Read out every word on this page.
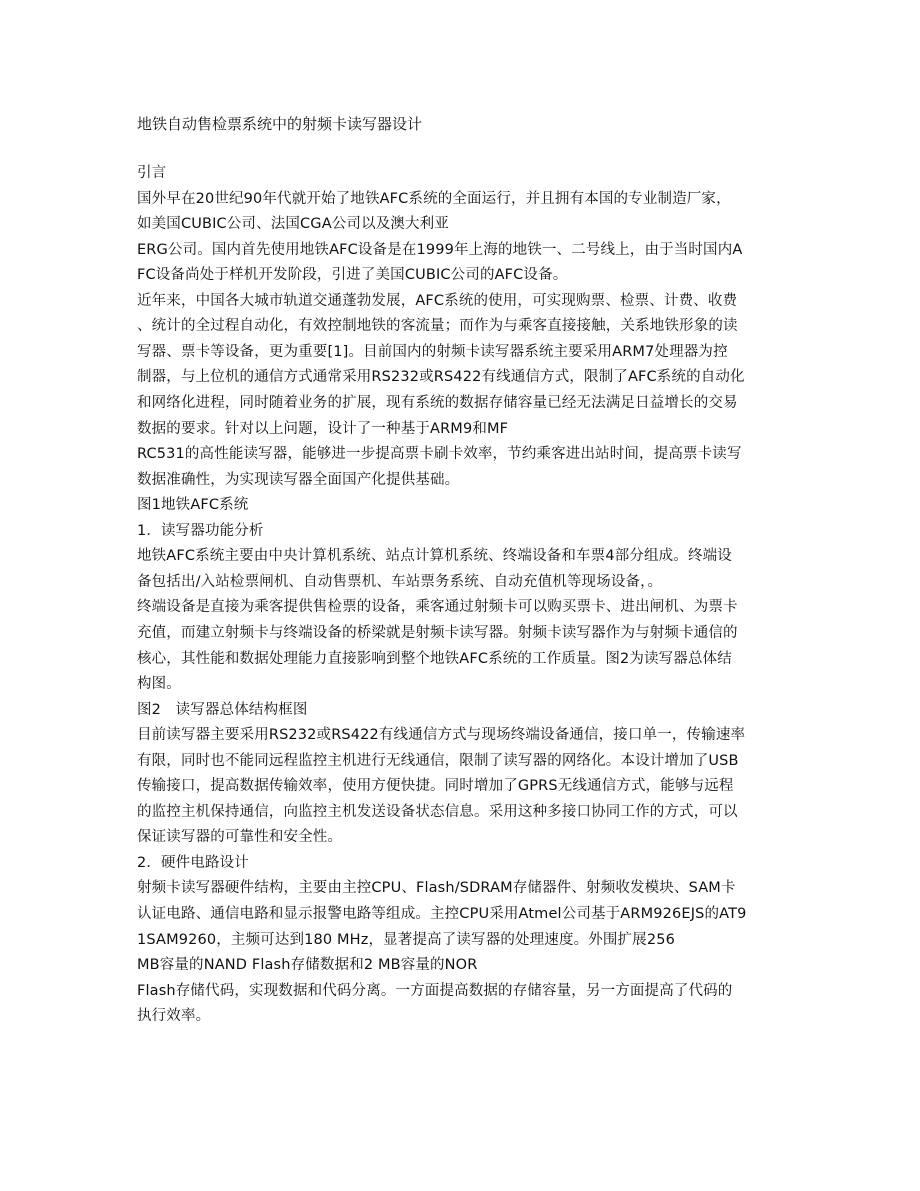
地铁自动售检票系统中的射频卡读写器设计
引言
国外早在20世纪90年代就开始了地铁AFC系统的全面运行，并且拥有本国的专业制造厂家，
如美国CUBIC公司、法国CGA公司以及澳大利亚
ERG公司。国内首先使用地铁AFC设备是在1999年上海的地铁一、二号线上，由于当时国内A
FC设备尚处于样机开发阶段，引进了美国CUBIC公司的AFC设备。
近年来，中国各大城市轨道交通蓬勃发展，AFC系统的使用，可实现购票、检票、计费、收费
、统计的全过程自动化，有效控制地铁的客流量；而作为与乘客直接接触，关系地铁形象的读
写器、票卡等设备，更为重要[1]。目前国内的射频卡读写器系统主要采用ARM7处理器为控
制器，与上位机的通信方式通常采用RS232或RS422有线通信方式，限制了AFC系统的自动化
和网络化进程，同时随着业务的扩展，现有系统的数据存储容量已经无法满足日益增长的交易
数据的要求。针对以上问题，设计了一种基于ARM9和MF
RC531的高性能读写器，能够进一步提高票卡刷卡效率，节约乘客进出站时间，提高票卡读写
数据准确性，为实现读写器全面国产化提供基础。
图1地铁AFC系统
1．读写器功能分析
地铁AFC系统主要由中央计算机系统、站点计算机系统、终端设备和车票4部分组成。终端设
备包括出/入站检票闸机、自动售票机、车站票务系统、自动充值机等现场设备，。
终端设备是直接为乘客提供售检票的设备，乘客通过射频卡可以购买票卡、进出闸机、为票卡
充值，而建立射频卡与终端设备的桥梁就是射频卡读写器。射频卡读写器作为与射频卡通信的
核心，其性能和数据处理能力直接影响到整个地铁AFC系统的工作质量。图2为读写器总体结
构图。
图2　读写器总体结构框图
目前读写器主要采用RS232或RS422有线通信方式与现场终端设备通信，接口单一，传输速率
有限，同时也不能同远程监控主机进行无线通信，限制了读写器的网络化。本设计增加了USB
传输接口，提高数据传输效率，使用方便快捷。同时增加了GPRS无线通信方式，能够与远程
的监控主机保持通信，向监控主机发送设备状态信息。采用这种多接口协同工作的方式，可以
保证读写器的可靠性和安全性。
2．硬件电路设计
射频卡读写器硬件结构，主要由主控CPU、Flash/SDRAM存储器件、射频收发模块、SAM卡
认证电路、通信电路和显示报警电路等组成。主控CPU采用Atmel公司基于ARM926EJS的AT9
1SAM9260，主频可达到180 MHz，显著提高了读写器的处理速度。外围扩展256
MB容量的NAND Flash存储数据和2 MB容量的NOR
Flash存储代码，实现数据和代码分离。一方面提高数据的存储容量，另一方面提高了代码的
执行效率。
